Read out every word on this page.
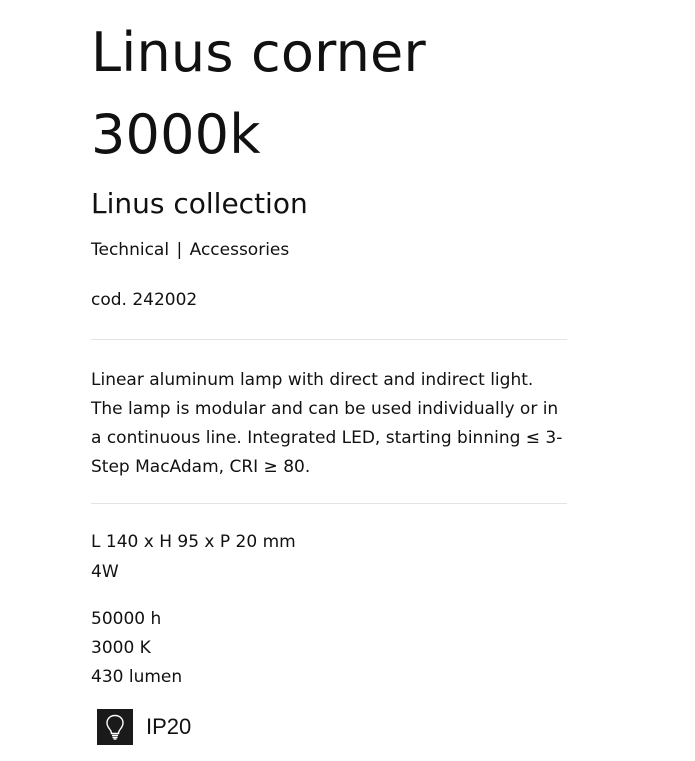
Linus corner
3000k
Linus collection
Technical | Accessories
cod. 242002
Linear aluminum lamp with direct and indirect light.
The lamp is modular and can be used individually or in
a continuous line. Integrated LED, starting binning ≤ 3-
Step MacAdam, CRI ≥ 80.
L 140 x H 95 x P 20 mm
4W
50000 h
3000 K
430 lumen
IP20
